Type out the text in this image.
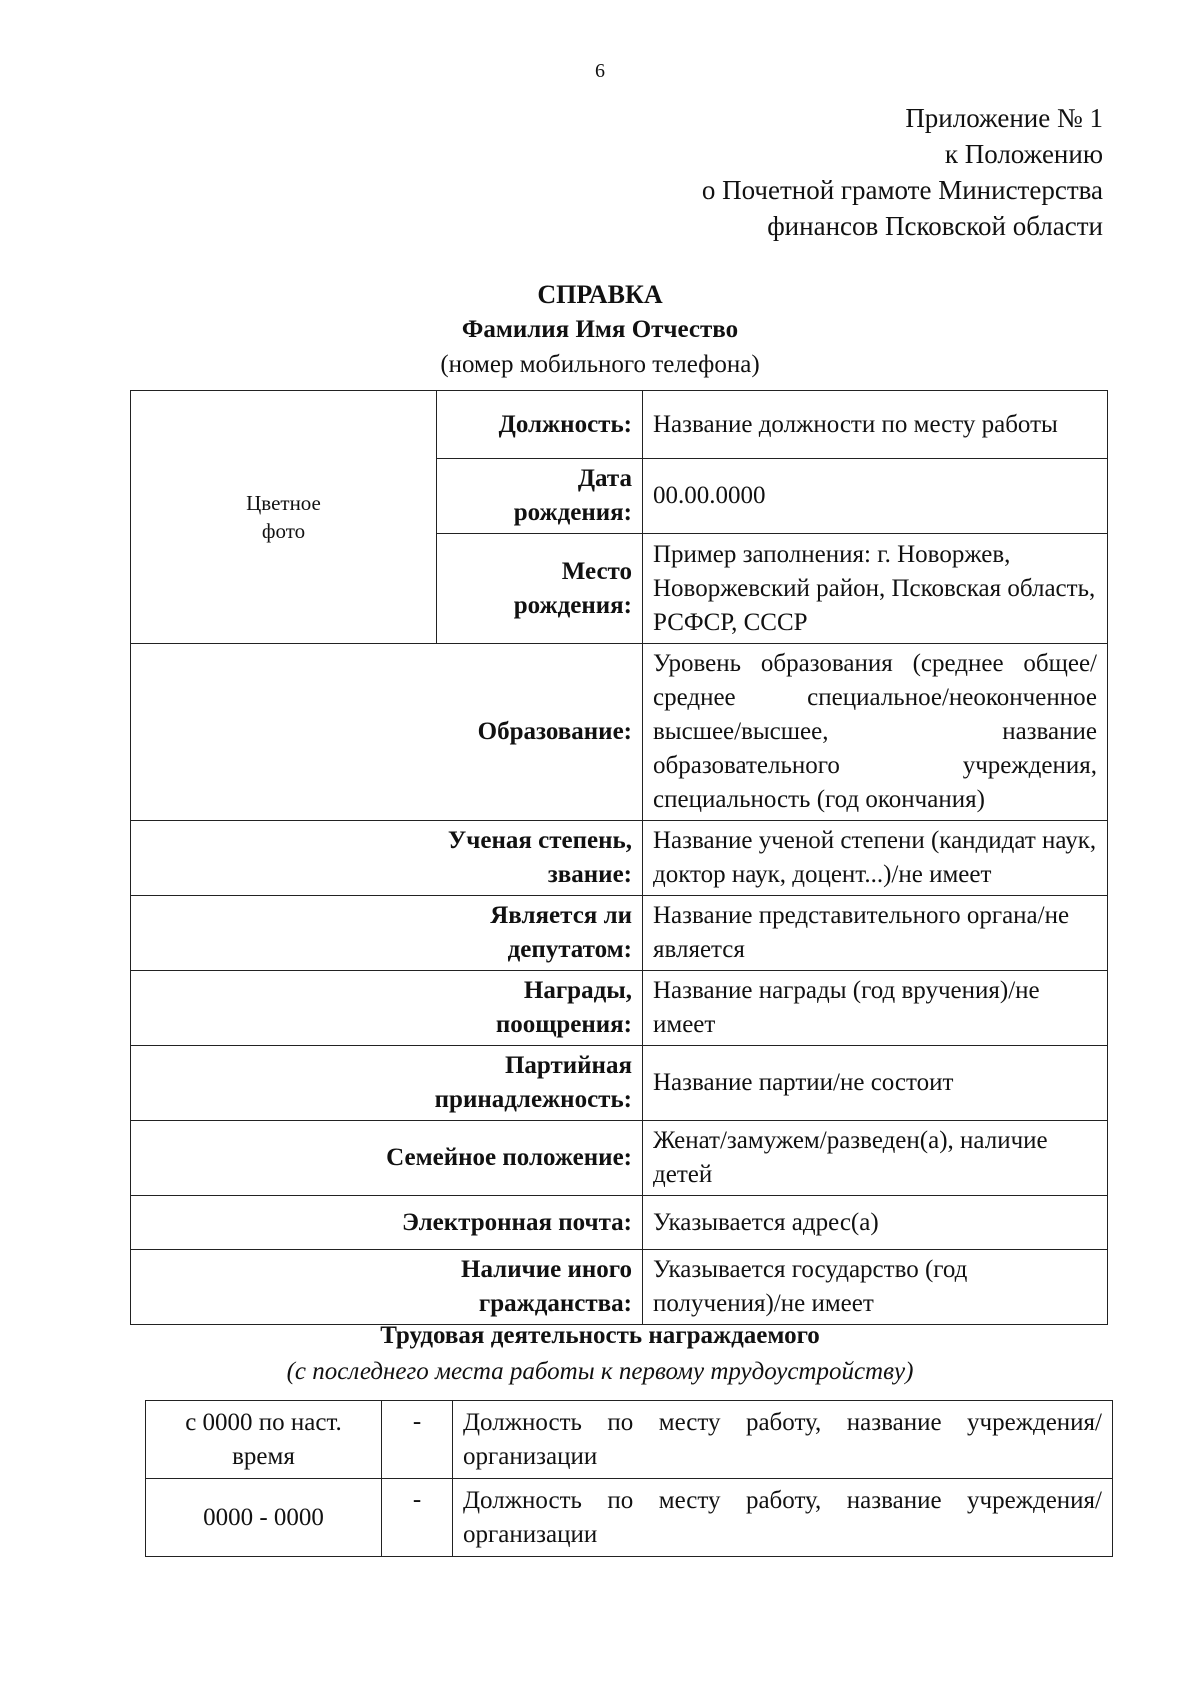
6
Приложение № 1
к Положению
о Почетной грамоте Министерства
финансов Псковской области
СПРАВКА
Фамилия Имя Отчество
(номер мобильного телефона)
Цветное
фото	Должность:	Название должности по месту работы

	Дата
рождения:	00.00.0000

	Место
рождения:	Пример заполнения: г. Новоржев, Новоржевский район, Псковская область, РСФСР, СССР
Образование:		Уровень образования (среднее общее/среднее специальное/неоконченное высшее/высшее, название образовательного учреждения, специальность (год окончания)

Ученая степень,
звание:		Название ученой степени (кандидат наук, доктор наук, доцент...)/не имеет

Является ли
депутатом:		Название представительного органа/не является

Награды,
поощрения:		Название награды (год вручения)/не имеет

Партийная
принадлежность:		Название партии/не состоит
Семейное положение:		Женат/замужем/разведен(а), наличие детей
Электронная почта:		Указывается адрес(а)

Наличие иного
гражданства:		Указывается государство (год получения)/не имеет
Трудовая деятельность награждаемого
(с последнего места работы к первому трудоустройству)
с 0000 по наст. время	-	Должность по месту работу, название учреждения/организации
0000 - 0000	-	Должность по месту работу, название учреждения/организации
